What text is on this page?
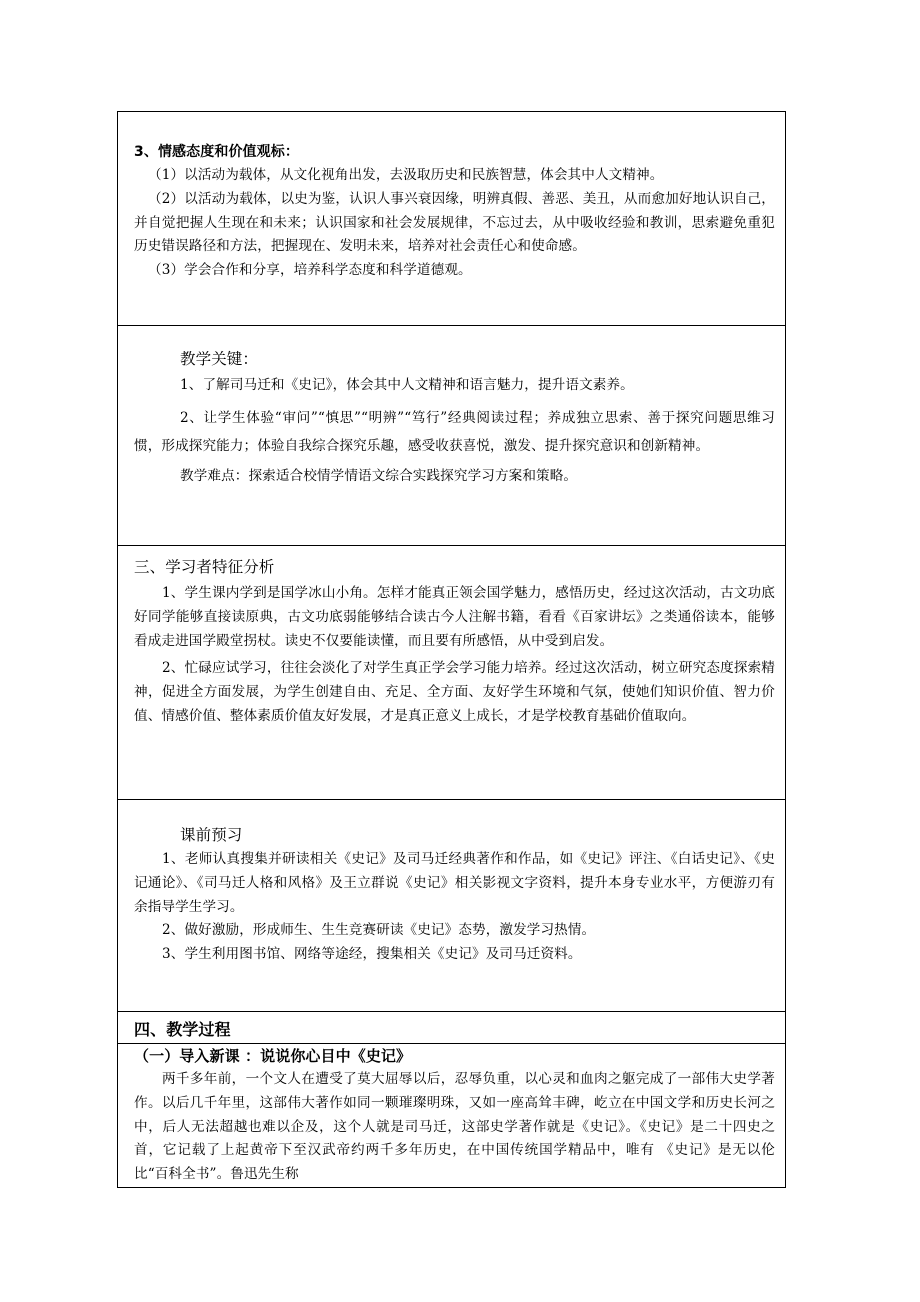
3、情感态度和价值观标：

（1）以活动为载体，从文化视角出发，去汲取历史和民族智慧，体会其中人文精神。

（2）以活动为载体，以史为鉴，认识人事兴衰因缘，明辨真假、善恶、美丑，从而愈加好地认识自己，并自觉把握人生现在和未来；认识国家和社会发展规律，不忘过去，从中吸收经验和教训，思索避免重犯历史错误路径和方法，把握现在、发明未来，培养对社会责任心和使命感。

（3）学会合作和分享，培养科学态度和科学道德观。

教学关键：

1、了解司马迁和《史记》，体会其中人文精神和语言魅力，提升语文素养。

2、让学生体验“审问”“慎思”“明辨”“笃行”经典阅读过程；养成独立思索、善于探究问题思维习惯，形成探究能力；体验自我综合探究乐趣，感受收获喜悦，激发、提升探究意识和创新精神。

教学难点：探索适合校情学情语文综合实践探究学习方案和策略。

三、学习者特征分析

1、学生课内学到是国学冰山小角。怎样才能真正领会国学魅力，感悟历史，经过这次活动，古文功底好同学能够直接读原典，古文功底弱能够结合读古今人注解书籍，看看《百家讲坛》之类通俗读本，能够看成走进国学殿堂拐杖。读史不仅要能读懂，而且要有所感悟，从中受到启发。

2、忙碌应试学习，往往会淡化了对学生真正学会学习能力培养。经过这次活动，树立研究态度探索精神，促进全方面发展，为学生创建自由、充足、全方面、友好学生环境和气氛，使她们知识价值、智力价值、情感价值、整体素质价值友好发展，才是真正意义上成长，才是学校教育基础价值取向。

课前预习

1、老师认真搜集并研读相关《史记》及司马迁经典著作和作品，如《史记》评注、《白话史记》、《史记通论》、《司马迁人格和风格》及王立群说《史记》相关影视文字资料，提升本身专业水平，方便游刃有余指导学生学习。

2、做好激励，形成师生、生生竞赛研读《史记》态势，激发学习热情。

3、学生利用图书馆、网络等途经，搜集相关《史记》及司马迁资料。

四、教学过程

（一）导入新课 ：说说你心目中《史记》

两千多年前，一个文人在遭受了莫大屈辱以后，忍辱负重，以心灵和血肉之躯完成了一部伟大史学著作。以后几千年里，这部伟大著作如同一颗璀璨明珠，又如一座高耸丰碑，屹立在中国文学和历史长河之中，后人无法超越也难以企及，这个人就是司马迁，这部史学著作就是《史记》。《史记》是二十四史之首，它记载了上起黄帝下至汉武帝约两千多年历史，在中国传统国学精品中，唯有 《史记》是无以伦比“百科全书”。鲁迅先生称
